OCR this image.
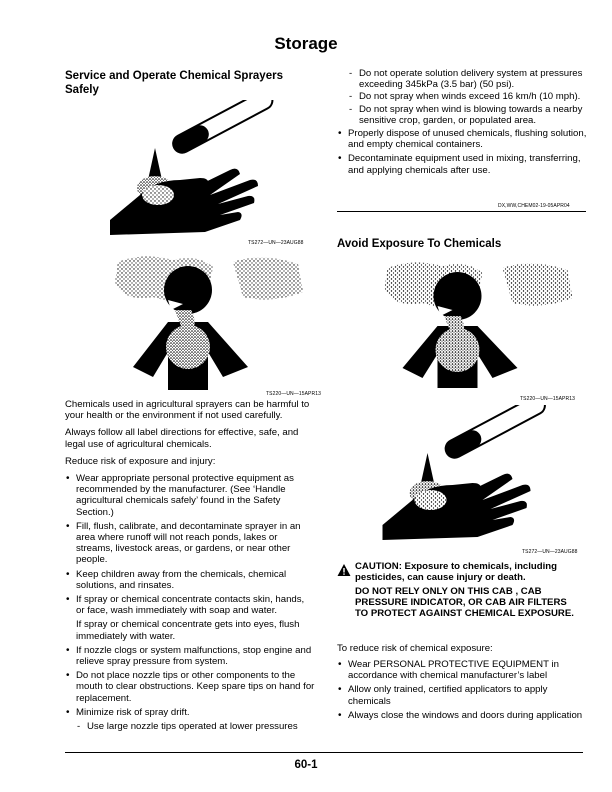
Storage
Service and Operate Chemical Sprayers Safely
TS272—UN—23AUG88
TS220—UN—15APR13

Chemicals used in agricultural sprayers can be harmful to your health or the environment if not used carefully.

Always follow all label directions for effective, safe, and legal use of agricultural chemicals.

Reduce risk of exposure and injury:

• Wear appropriate personal protective equipment as recommended by the manufacturer. (See ‘Handle agricultural chemicals safely’ found in the Safety Section.)
• Fill, flush, calibrate, and decontaminate sprayer in an area where runoff will not reach ponds, lakes or streams, livestock areas, or gardens, or near other people.
• Keep children away from the chemicals, chemical solutions, and rinsates.
• If spray or chemical concentrate contacts skin, hands, or face, wash immediately with soap and water.
If spray or chemical concentrate gets into eyes, flush immediately with water.
• If nozzle clogs or system malfunctions, stop engine and relieve spray pressure from system.
• Do not place nozzle tips or other components to the mouth to clear obstructions. Keep spare tips on hand for replacement.
• Minimize risk of spray drift.
- Use large nozzle tips operated at lower pressures
- Do not operate solution delivery system at pressures exceeding 345kPa (3.5 bar) (50 psi).
- Do not spray when winds exceed 16 km/h (10 mph).
- Do not spray when wind is blowing towards a nearby sensitive crop, garden, or populated area.
• Properly dispose of unused chemicals, flushing solution, and empty chemical containers.
• Decontaminate equipment used in mixing, transferring, and applying chemicals after use.
DX,WW,CHEM02-19-05APR04
Avoid Exposure To Chemicals
TS220—UN—15APR13
TS272—UN—23AUG88
CAUTION: Exposure to chemicals, including pesticides, can cause injury or death.
DO NOT RELY ONLY ON THIS CAB , CAB PRESSURE INDICATOR, OR CAB AIR FILTERS TO PROTECT AGAINST CHEMICAL EXPOSURE.
To reduce risk of chemical exposure:
• Wear PERSONAL PROTECTIVE EQUIPMENT in accordance with chemical manufacturer’s label
• Allow only trained, certified applicators to apply chemicals
• Always close the windows and doors during application
60-1
